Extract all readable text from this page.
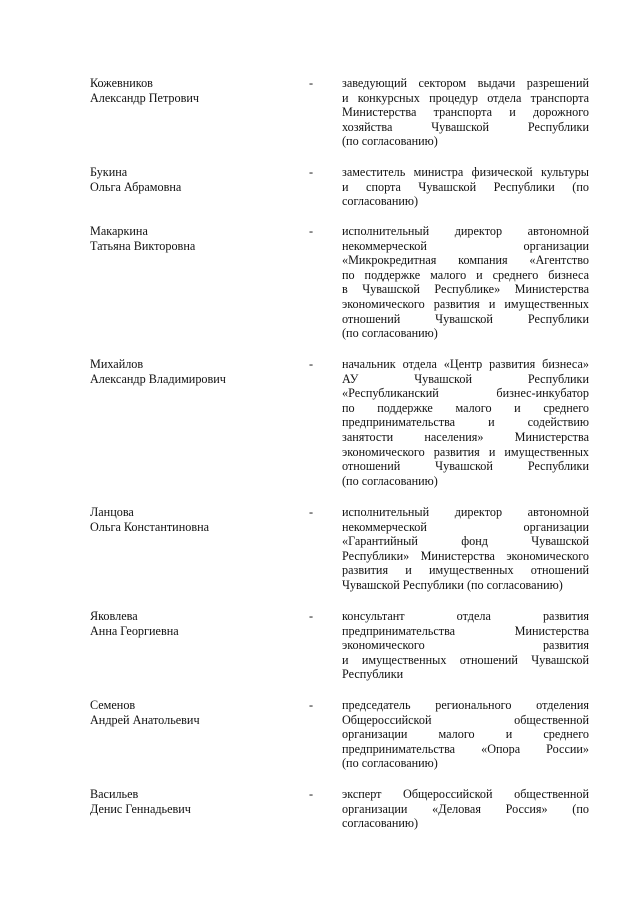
Кожевников
Александр Петрович
- заведующий сектором выдачи разрешений
и конкурсных процедур отдела транспорта
Министерства транспорта и дорожного
хозяйства Чувашской Республики
(по согласованию)
Букина
Ольга Абрамовна
- заместитель министра физической культуры
и спорта Чувашской Республики (по
согласованию)
Макаркина
Татьяна Викторовна
- исполнительный директор автономной
некоммерческой организации
«Микрокредитная компания «Агентство
по поддержке малого и среднего бизнеса
в Чувашской Республике» Министерства
экономического развития и имущественных
отношений Чувашской Республики
(по согласованию)
Михайлов
Александр Владимирович
- начальник отдела «Центр развития бизнеса»
АУ Чувашской Республики
«Республиканский бизнес-инкубатор
по поддержке малого и среднего
предпринимательства и содействию
занятости населения» Министерства
экономического развития и имущественных
отношений Чувашской Республики
(по согласованию)
Ланцова
Ольга Константиновна
- исполнительный директор автономной
некоммерческой организации
«Гарантийный фонд Чувашской
Республики» Министерства экономического
развития и имущественных отношений
Чувашской Республики (по согласованию)
Яковлева
Анна Георгиевна
- консультант отдела развития
предпринимательства Министерства
экономического развития
и имущественных отношений Чувашской
Республики
Семенов
Андрей Анатольевич
- председатель регионального отделения
Общероссийской общественной
организации малого и среднего
предпринимательства «Опора России»
(по согласованию)
Васильев
Денис Геннадьевич
- эксперт Общероссийской общественной
организации «Деловая Россия» (по
согласованию)
